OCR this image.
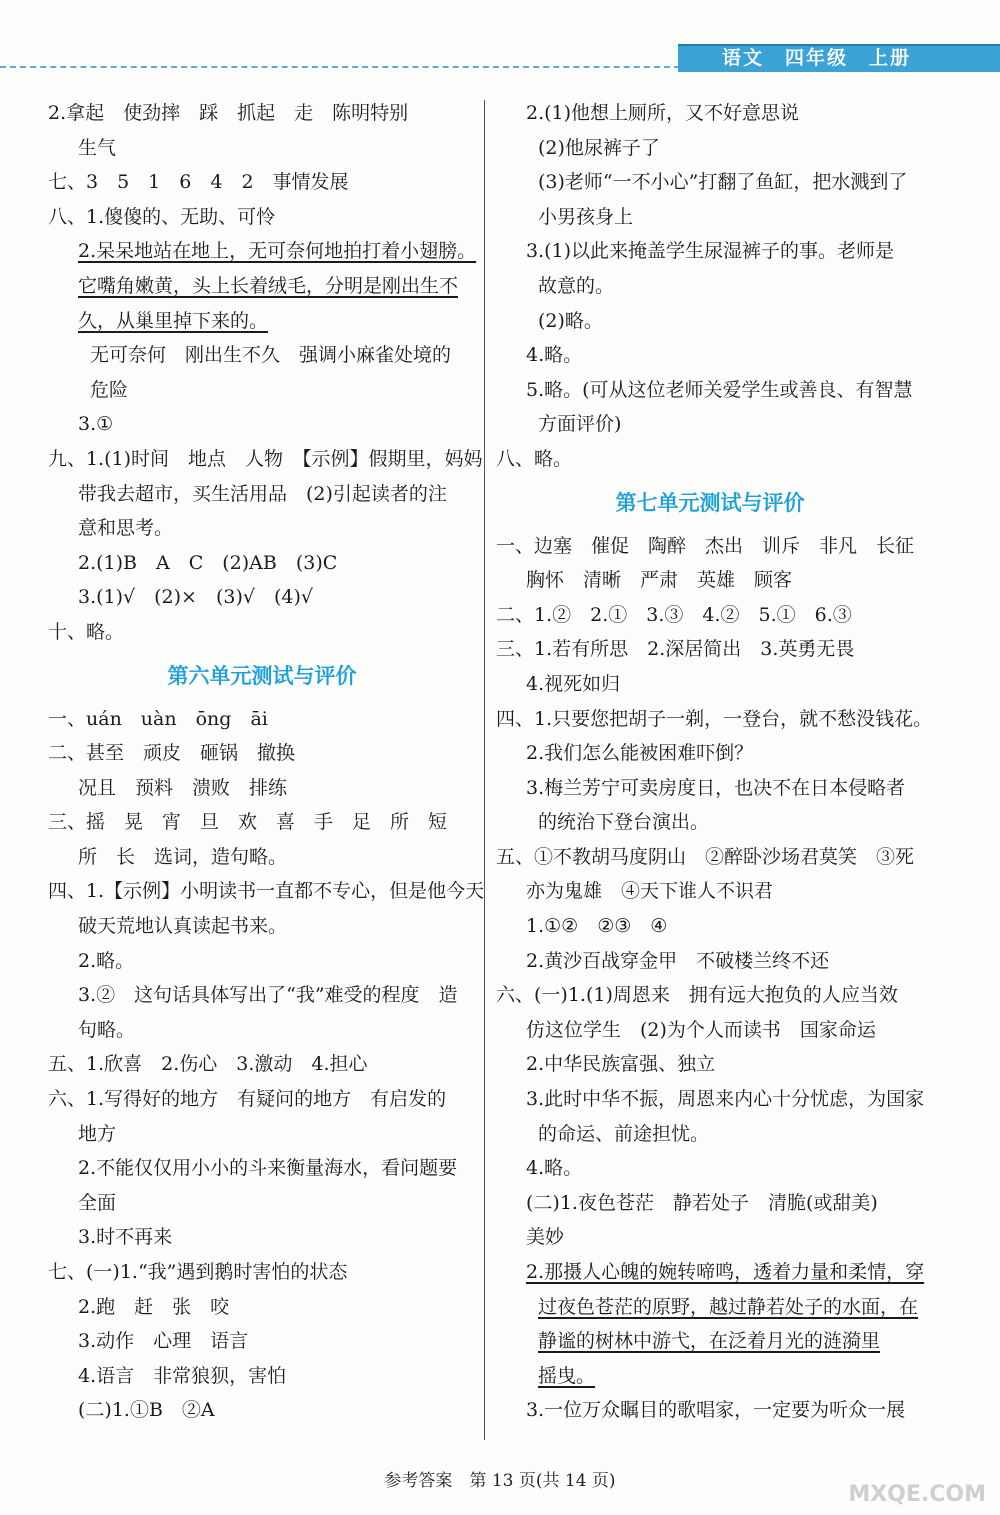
语文　四年级　上册
2.拿起　使劲摔　踩　抓起　走　陈明特别
生气
七、3　5　1　6　4　2　事情发展
八、1.傻傻的、无助、可怜
2.呆呆地站在地上，无可奈何地拍打着小翅膀。
它嘴角嫩黄，头上长着绒毛，分明是刚出生不
久，从巢里掉下来的。
无可奈何　刚出生不久　强调小麻雀处境的
危险
3.①
九、1.(1)时间　地点　人物　【示例】假期里，妈妈
带我去超市，买生活用品　(2)引起读者的注
意和思考。
2.(1)B　A　C　(2)AB　(3)C
3.(1)√　(2)×　(3)√　(4)√
十、略。
第六单元测试与评价
一、uán　uàn　ōng　āi
二、甚至　顽皮　砸锅　撤换
况且　预料　溃败　排练
三、摇　晃　宵　旦　欢　喜　手　足　所　短
所　长　选词，造句略。
四、1.【示例】小明读书一直都不专心，但是他今天
破天荒地认真读起书来。
2.略。
3.②　这句话具体写出了“我”难受的程度　造
句略。
五、1.欣喜　2.伤心　3.激动　4.担心
六、1.写得好的地方　有疑问的地方　有启发的
地方
2.不能仅仅用小小的斗来衡量海水，看问题要
全面
3.时不再来
七、(一)1.“我”遇到鹅时害怕的状态
2.跑　赶　张　咬
3.动作　心理　语言
4.语言　非常狼狈，害怕
(二)1.①B　②A
2.(1)他想上厕所，又不好意思说
(2)他尿裤子了
(3)老师“一不小心”打翻了鱼缸，把水溅到了
小男孩身上
3.(1)以此来掩盖学生尿湿裤子的事。老师是
故意的。
(2)略。
4.略。
5.略。(可从这位老师关爱学生或善良、有智慧
方面评价)
八、略。
第七单元测试与评价
一、边塞　催促　陶醉　杰出　训斥　非凡　长征
胸怀　清晰　严肃　英雄　顾客
二、1.②　2.①　3.③　4.②　5.①　6.③
三、1.若有所思　2.深居简出　3.英勇无畏
4.视死如归
四、1.只要您把胡子一剃，一登台，就不愁没钱花。
2.我们怎么能被困难吓倒？
3.梅兰芳宁可卖房度日，也决不在日本侵略者
的统治下登台演出。
五、①不教胡马度阴山　②醉卧沙场君莫笑　③死
亦为鬼雄　④天下谁人不识君
1.①②　②③　④
2.黄沙百战穿金甲　不破楼兰终不还
六、(一)1.(1)周恩来　拥有远大抱负的人应当效
仿这位学生　(2)为个人而读书　国家命运
2.中华民族富强、独立
3.此时中华不振，周恩来内心十分忧虑，为国家
的命运、前途担忧。
4.略。
(二)1.夜色苍茫　静若处子　清脆(或甜美)
美妙
2.那摄人心魄的婉转啼鸣，透着力量和柔情，穿
过夜色苍茫的原野，越过静若处子的水面，在
静谧的树林中游弋，在泛着月光的涟漪里
摇曳。
3.一位万众瞩目的歌唱家，一定要为听众一展
参考答案　第 13 页(共 14 页)
MXQE.COM
